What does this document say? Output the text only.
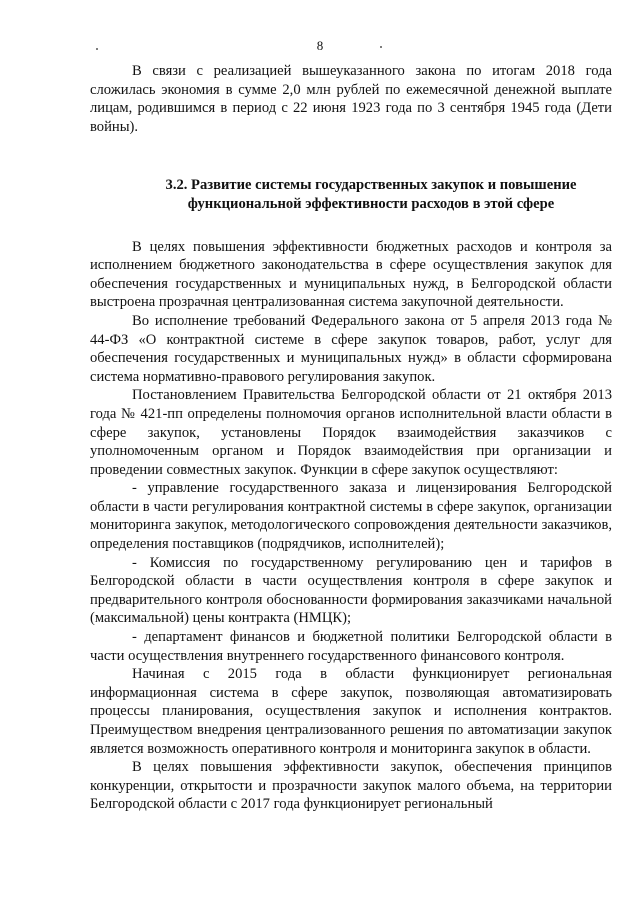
8

В связи с реализацией вышеуказанного закона по итогам 2018 года сложилась экономия в сумме 2,0 млн рублей по ежемесячной денежной выплате лицам, родившимся в период с 22 июня 1923 года по 3 сентября 1945 года (Дети войны).

3.2. Развитие системы государственных закупок и повышение функциональной эффективности расходов в этой сфере

В целях повышения эффективности бюджетных расходов и контроля за исполнением бюджетного законодательства в сфере осуществления закупок для обеспечения государственных и муниципальных нужд, в Белгородской области выстроена прозрачная централизованная система закупочной деятельности.

Во исполнение требований Федерального закона от 5 апреля 2013 года № 44-ФЗ «О контрактной системе в сфере закупок товаров, работ, услуг для обеспечения государственных и муниципальных нужд» в области сформирована система нормативно-правового регулирования закупок.

Постановлением Правительства Белгородской области от 21 октября 2013 года № 421-пп определены полномочия органов исполнительной власти области в сфере закупок, установлены Порядок взаимодействия заказчиков с уполномоченным органом и Порядок взаимодействия при организации и проведении совместных закупок. Функции в сфере закупок осуществляют:

- управление государственного заказа и лицензирования Белгородской области в части регулирования контрактной системы в сфере закупок, организации мониторинга закупок, методологического сопровождения деятельности заказчиков, определения поставщиков (подрядчиков, исполнителей);

- Комиссия по государственному регулированию цен и тарифов в Белгородской области в части осуществления контроля в сфере закупок и предварительного контроля обоснованности формирования заказчиками начальной (максимальной) цены контракта (НМЦК);

- департамент финансов и бюджетной политики Белгородской области в части осуществления внутреннего государственного финансового контроля.

Начиная с 2015 года в области функционирует региональная информационная система в сфере закупок, позволяющая автоматизировать процессы планирования, осуществления закупок и исполнения контрактов. Преимуществом внедрения централизованного решения по автоматизации закупок является возможность оперативного контроля и мониторинга закупок в области.

В целях повышения эффективности закупок, обеспечения принципов конкуренции, открытости и прозрачности закупок малого объема, на территории Белгородской области с 2017 года функционирует региональный
